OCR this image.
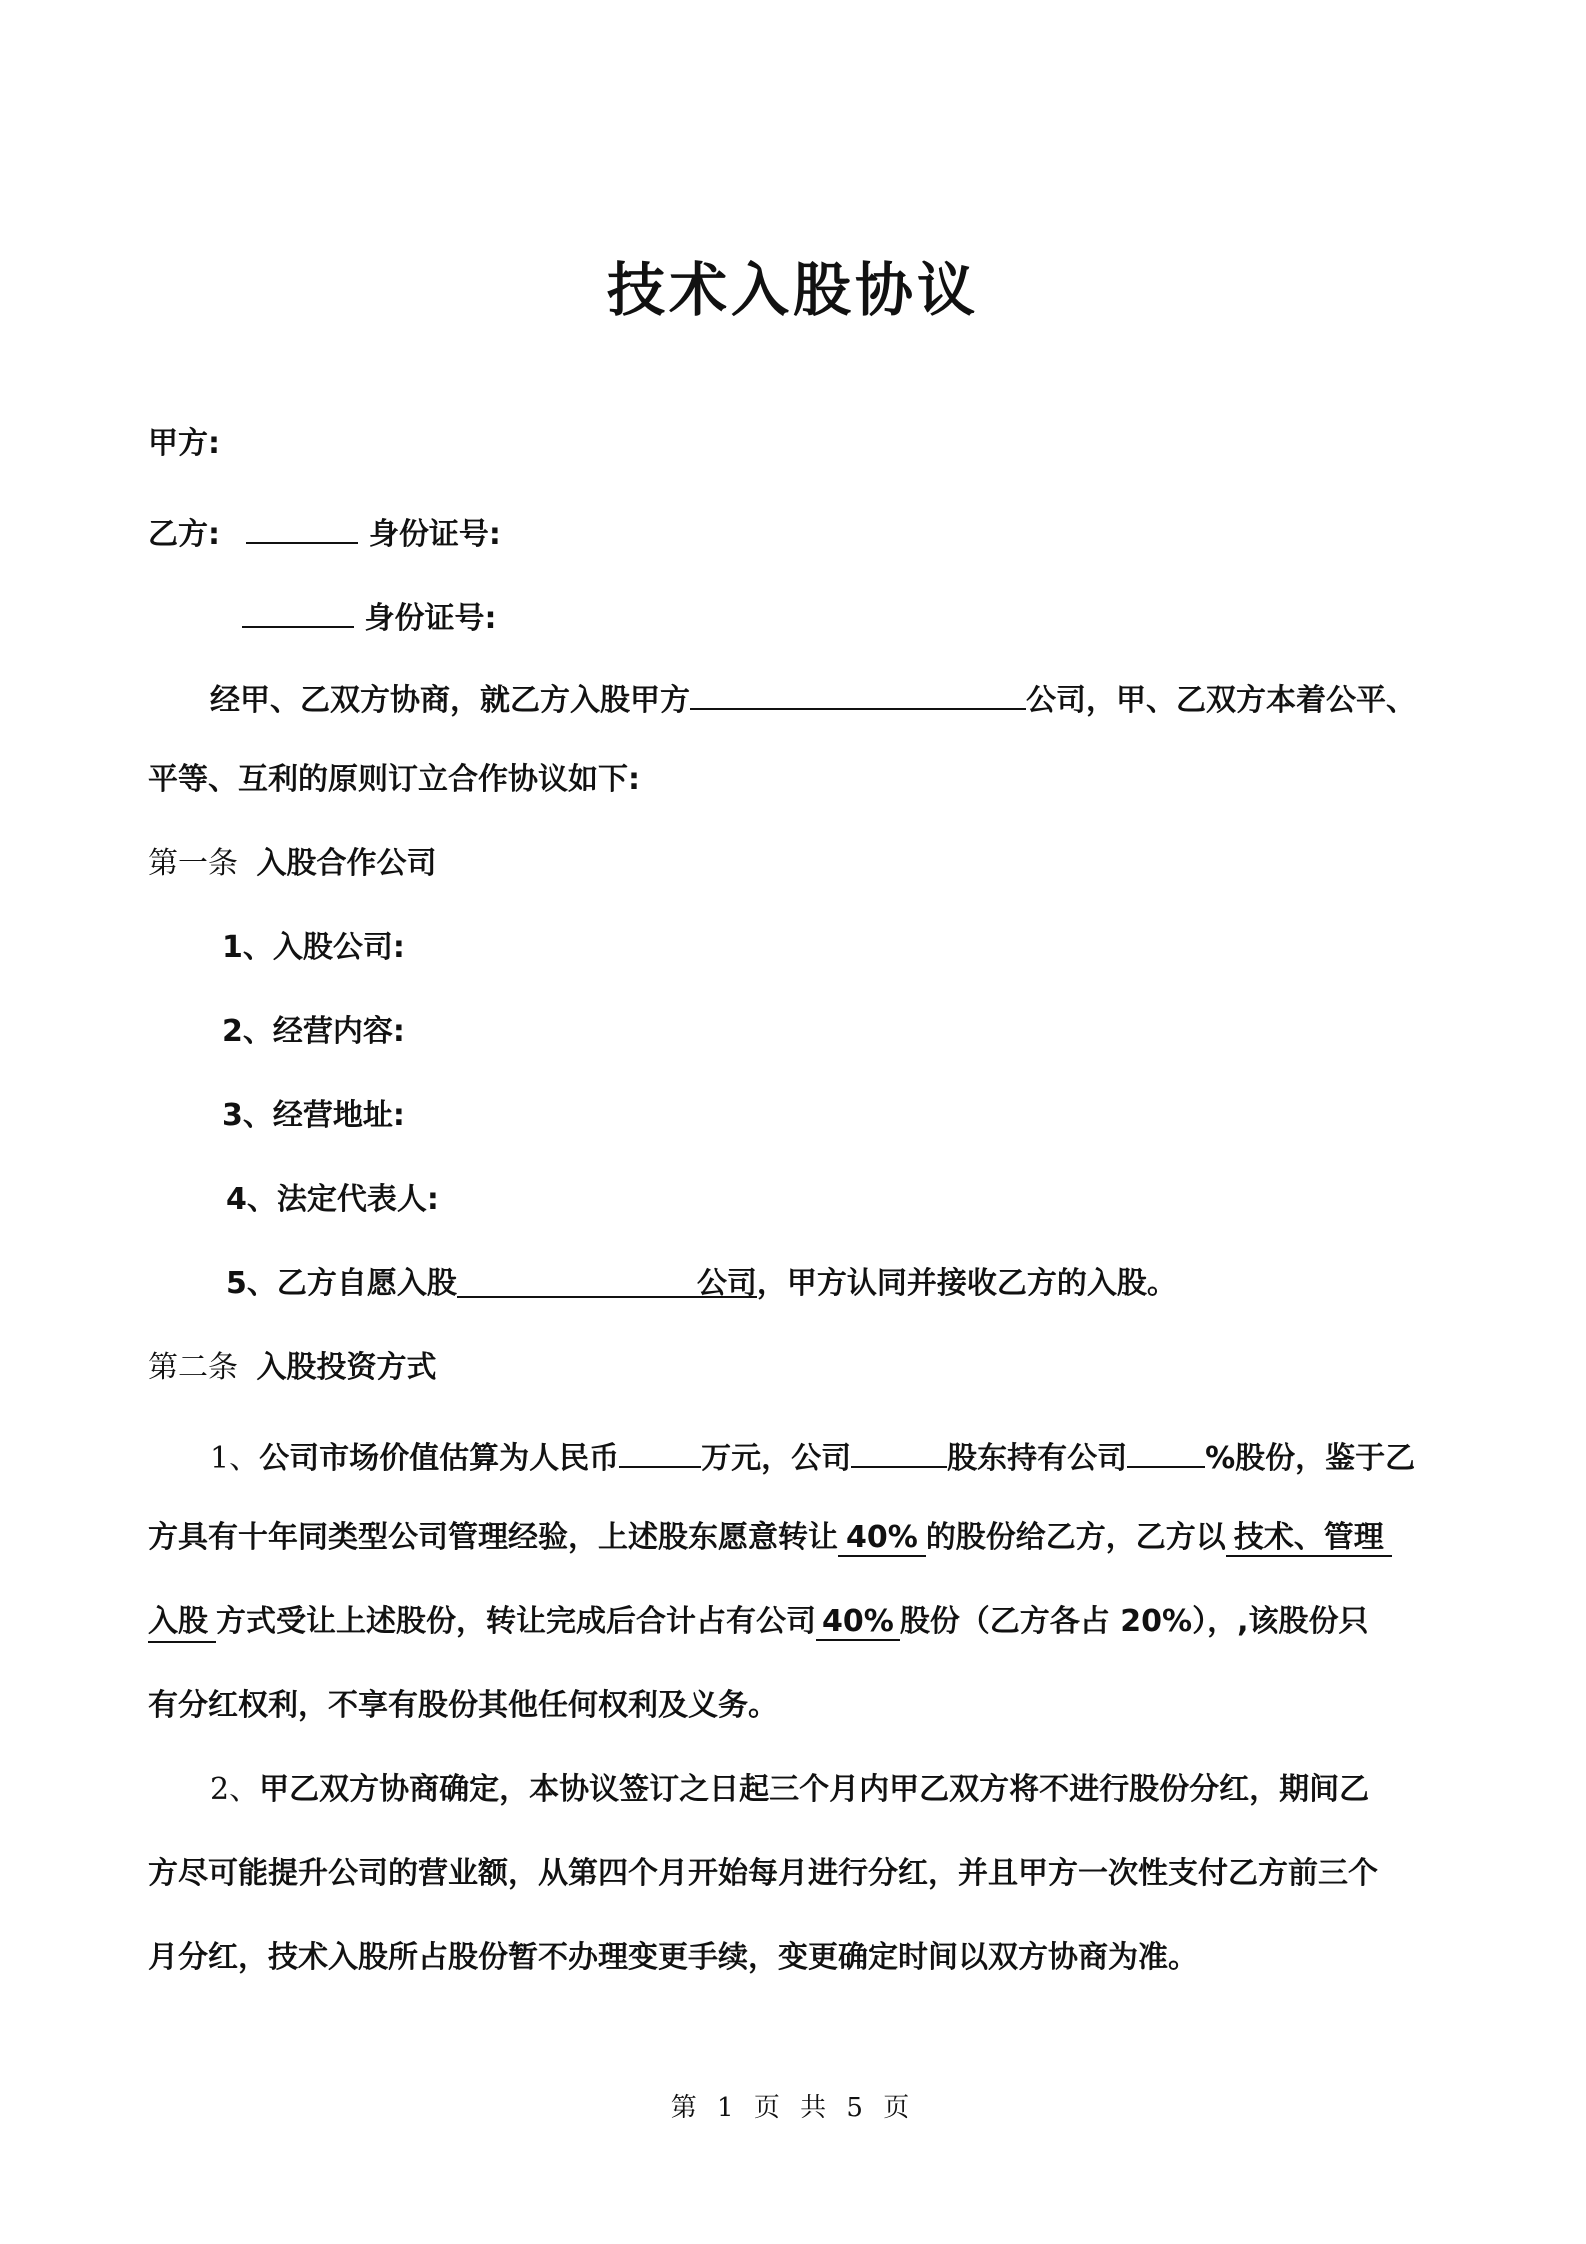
技术入股协议
甲方:
乙方:	身份证号:
身份证号:
经甲、乙双方协商，就乙方入股甲方	公司，甲、乙双方本着公平、
平等、互利的原则订立合作协议如下:
第一条 入股合作公司
1、入股公司:
2、经营内容:
3、经营地址:
4、法定代表人:
5、乙方自愿入股	公司，甲方认同并接收乙方的入股。
第二条 入股投资方式
1、公司市场价值估算为人民币	万元，公司	股东持有公司	%股份，鉴于乙
方具有十年同类型公司管理经验，上述股东愿意转让 40% 的股份给乙方，乙方以 技术、管理
入股 方式受让上述股份，转让完成后合计占有公司 40% 股份（乙方各占 20%），,该股份只
有分红权利，不享有股份其他任何权利及义务。
2、甲乙双方协商确定，本协议签订之日起三个月内甲乙双方将不进行股份分红，期间乙
方尽可能提升公司的营业额，从第四个月开始每月进行分红，并且甲方一次性支付乙方前三个
月分红，技术入股所占股份暂不办理变更手续，变更确定时间以双方协商为准。
第 1 页 共 5 页
